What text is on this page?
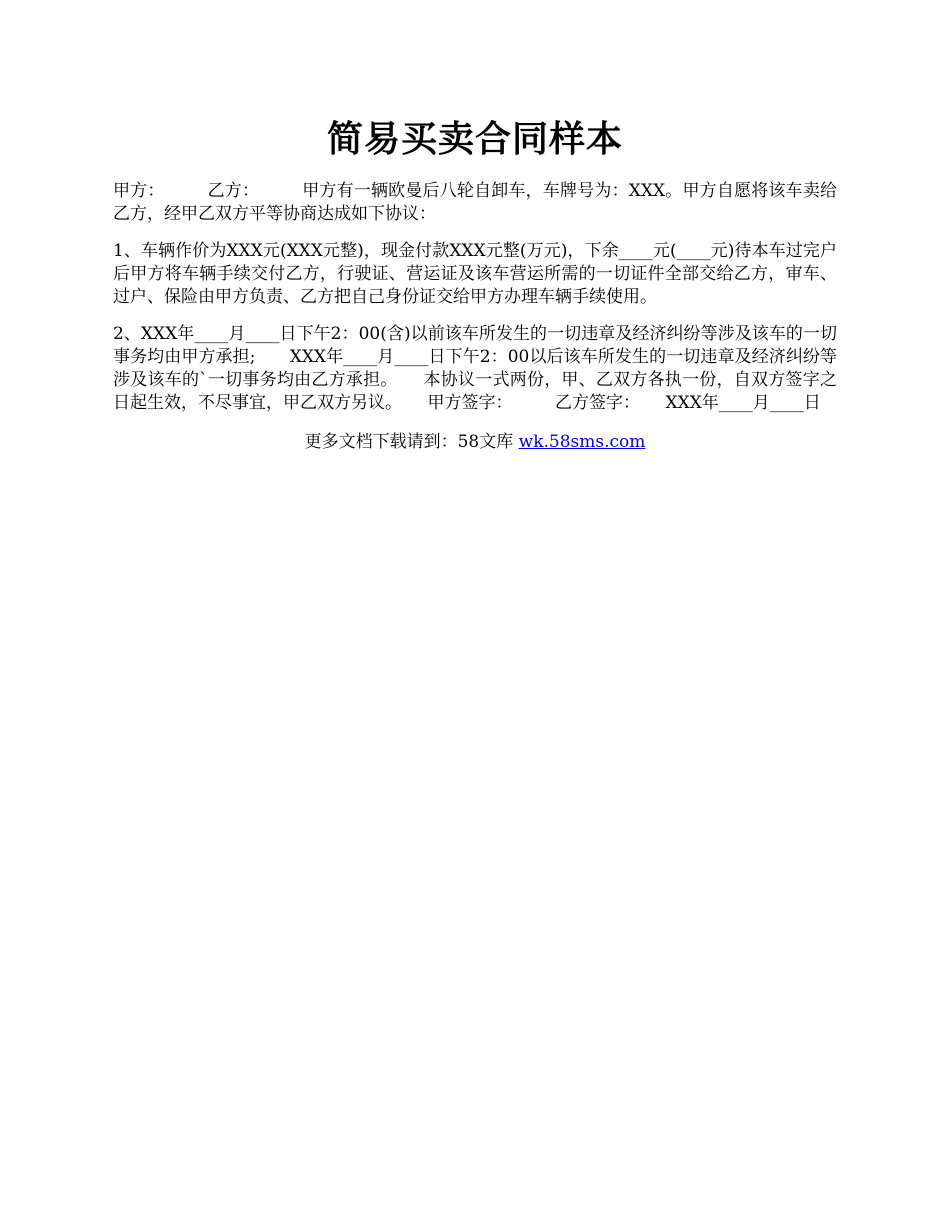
简易买卖合同样本

甲方：　　　乙方：　　　甲方有一辆欧曼后八轮自卸车，车牌号为：XXX。甲方自愿将该车卖给乙方，经甲乙双方平等协商达成如下协议：

1、车辆作价为XXX元(XXX元整)，现金付款XXX元整(万元)，下余____元(____元)待本车过完户后甲方将车辆手续交付乙方，行驶证、营运证及该车营运所需的一切证件全部交给乙方，审车、过户、保险由甲方负责、乙方把自己身份证交给甲方办理车辆手续使用。

2、XXX年____月____日下午2：00(含)以前该车所发生的一切违章及经济纠纷等涉及该车的一切事务均由甲方承担;　　XXX年____月____日下午2：00以后该车所发生的一切违章及经济纠纷等涉及该车的`一切事务均由乙方承担。　　本协议一式两份，甲、乙双方各执一份，自双方签字之日起生效，不尽事宜，甲乙双方另议。　　甲方签字：　　　乙方签字：　　XXX年____月____日

更多文档下载请到：58文库 wk.58sms.com
